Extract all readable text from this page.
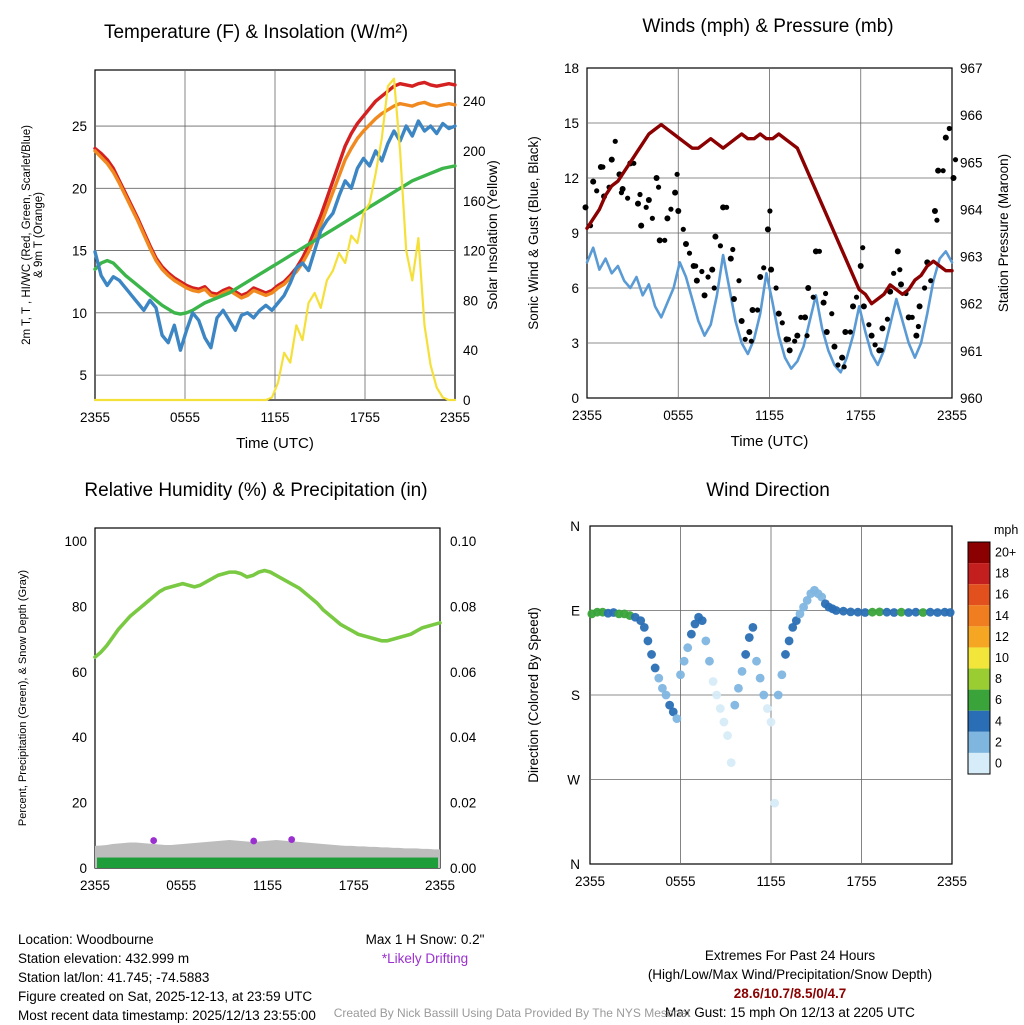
Temperature (F) & Insolation (W/m²)
5
10
15
20
25
2355	0555	1155	1755	2355
0
40
80
120
160
200
240
Time (UTC)
2m T, T , HI/WC (Red, Green, Scarlet/Blue) & 9m T (Orange)	Solar Insolation (Yellow)
Winds (mph) & Pressure (mb)
0
3
6
9
12
15
18
2355	0555	1155	1755	2355
960
961
962
963
964
965
966
967
Time (UTC)
Sonic Wind & Gust (Blue, Black)	Station Pressure (Maroon)
Relative Humidity (%) & Precipitation (in)
0
20
40
60
80
100
2355	0555	1155	1755	2355
0.00
0.02
0.04
0.06
0.08
0.10
Percent, Precipitation (Green), & Snow Depth (Gray)
Wind Direction
N
W
S
E
N
2355	0555	1155	1755	2355
Direction (Colored By Speed)
mph
20+
18
16
14
12
10
8
6
4
2
0
Location: Woodbourne
Station elevation: 432.999 m
Station lat/lon: 41.745; -74.5883
Figure created on Sat, 2025-12-13, at 23:59 UTC
Most recent data timestamp: 2025/12/13 23:55:00
Max 1 H Snow: 0.2"
*Likely Drifting	Extremes For Past 24 Hours
(High/Low/Max Wind/Precipitation/Snow Depth)
28.6/10.7/8.5/0/4.7
Max Gust: 15 mph On 12/13 at 2205 UTC
Created By Nick Bassill Using Data Provided By The NYS Mesonet
